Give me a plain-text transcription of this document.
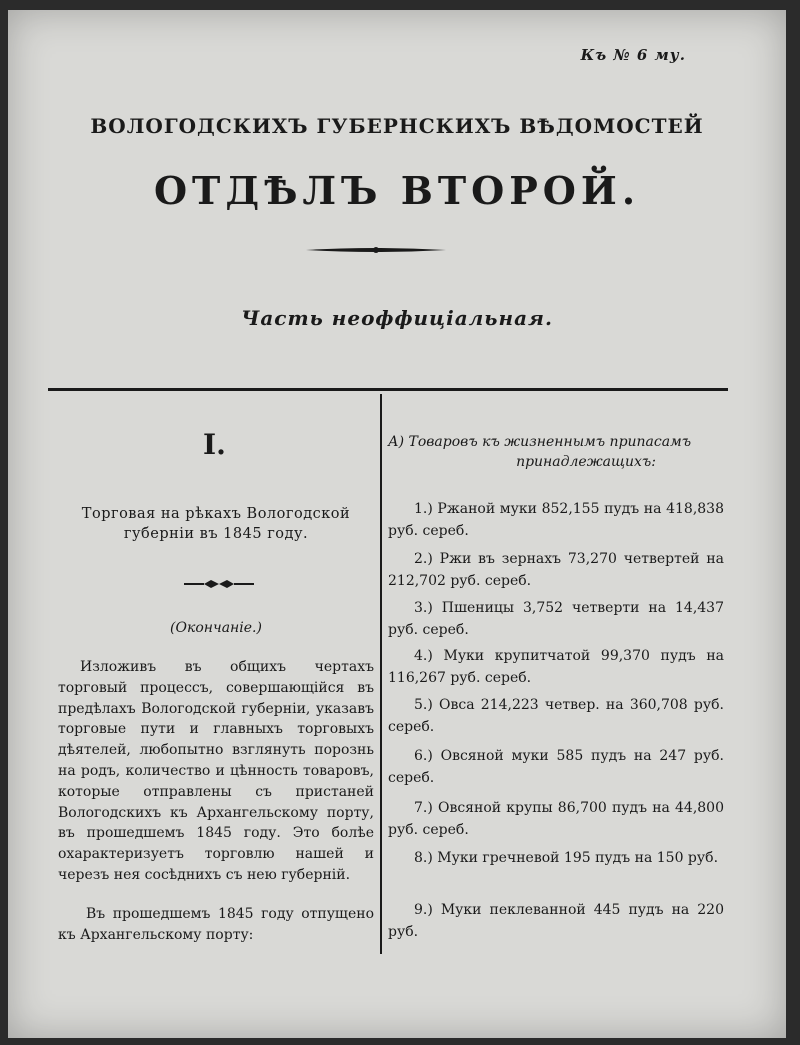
Къ № 6 му.
ВОЛОГОДСКИХЪ ГУБЕРНСКИХЪ ВѢДОМОСТЕЙ
ОТДѢЛЪ ВТОРОЙ.
Часть неоффиціальная.
I.
Торговая на рѣкахъ Вологодской губерніи въ 1845 году.
(Окончаніе.)
Изложивъ въ общихъ чертахъ торговый процессъ, совершающійся въ предѣлахъ Вологодской губерніи, указавъ торговые пути и главныхъ торговыхъ дѣятелей, любопытно взглянуть порознь на родъ, количество и цѣнность товаровъ, которые отправлены съ пристаней Вологодскихъ къ Архангельскому порту, въ прошедшемъ 1845 году. Это болѣе охарактеризуетъ торговлю нашей и черезъ нея сосѣднихъ съ нею губерній.
Въ прошедшемъ 1845 году отпущено къ Архангельскому порту:
А) Товаровъ къ жизненнымъ припасамъ
принадлежащихъ:
1.) Ржаной муки 852,155 пудъ на 418,838 руб. сереб.
2.) Ржи въ зернахъ 73,270 четвертей на 212,702 руб. сереб.
3.) Пшеницы 3,752 четверти на 14,437 руб. сереб.
4.) Муки крупитчатой 99,370 пудъ на 116,267 руб. сереб.
5.) Овса 214,223 четвер. на 360,708 руб. сереб.
6.) Овсяной муки 585 пудъ на 247 руб. сереб.
7.) Овсяной крупы 86,700 пудъ на 44,800 руб. сереб.
8.) Муки гречневой 195 пудъ на 150 руб.
9.) Муки пеклеванной 445 пудъ на 220 руб.
